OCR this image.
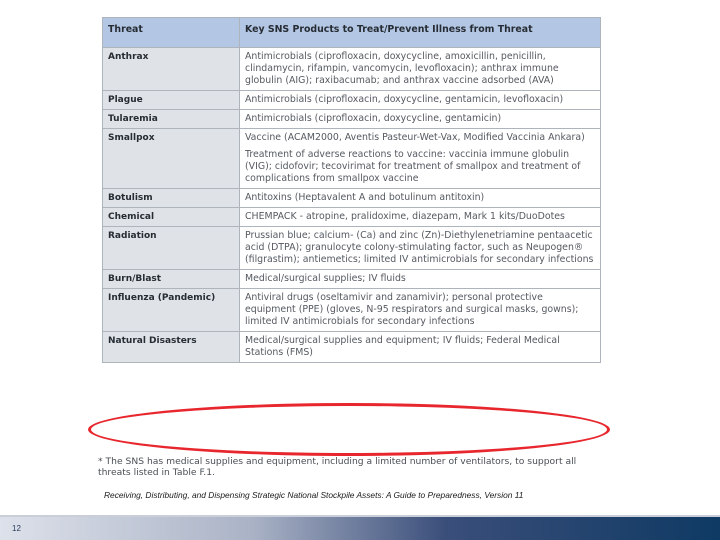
Threat	Key SNS Products to Treat/Prevent Illness from Threat
Anthrax	Antimicrobials (ciprofloxacin, doxycycline, amoxicillin, penicillin, clindamycin, rifampin, vancomycin, levofloxacin); anthrax immune globulin (AIG); raxibacumab; and anthrax vaccine adsorbed (AVA)

Plague	Antimicrobials (ciprofloxacin, doxycycline, gentamicin, levofloxacin)

Tularemia	Antimicrobials (ciprofloxacin, doxycycline, gentamicin)

Smallpox	Vaccine (ACAM2000, Aventis Pasteur-Wet-Vax, Modified Vaccinia Ankara)
Treatment of adverse reactions to vaccine: vaccinia immune globulin (VIG); cidofovir; tecovirimat for treatment of smallpox and treatment of complications from smallpox vaccine

Botulism	Antitoxins (Heptavalent A and botulinum antitoxin)

Chemical	CHEMPACK - atropine, pralidoxime, diazepam, Mark 1 kits/DuoDotes

Radiation	Prussian blue; calcium- (Ca) and zinc (Zn)-Diethylenetriamine pentaacetic acid (DTPA); granulocyte colony-stimulating factor, such as Neupogen® (filgrastim); antiemetics; limited IV antimicrobials for secondary infections

Burn/Blast	Medical/surgical supplies; IV fluids

Influenza (Pandemic)	Antiviral drugs (oseltamivir and zanamivir); personal protective equipment (PPE) (gloves, N-95 respirators and surgical masks, gowns); limited IV antimicrobials for secondary infections

Natural Disasters	Medical/surgical supplies and equipment; IV fluids; Federal Medical Stations (FMS)
* The SNS has medical supplies and equipment, including a limited number of ventilators, to support all threats listed in Table F.1.
Receiving, Distributing, and Dispensing Strategic National Stockpile Assets: A Guide to Preparedness, Version 11
12
